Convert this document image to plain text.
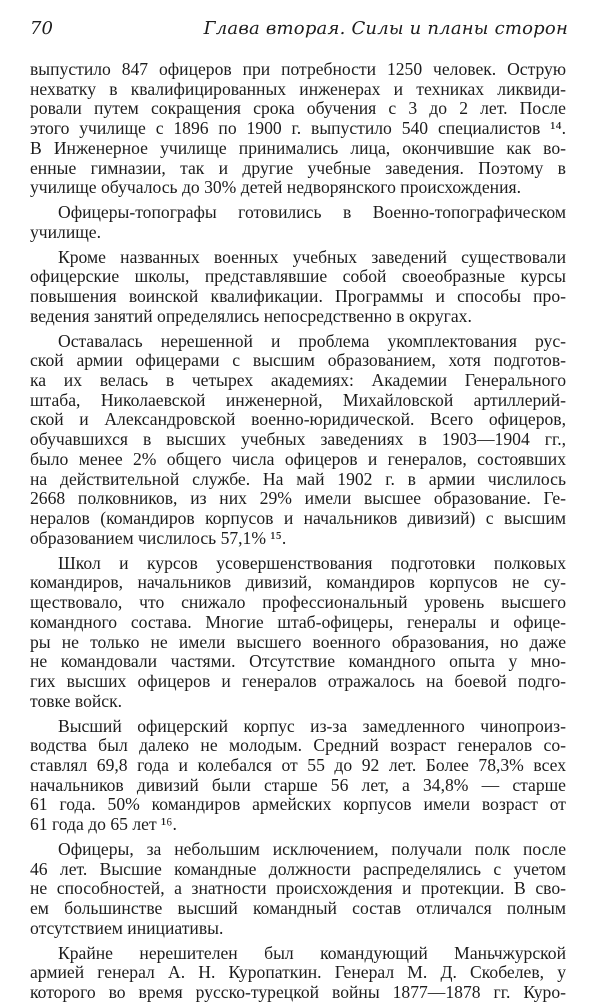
70	Глава вторая. Силы и планы сторон
выпустило 847 офицеров при потребности 1250 человек. Острую
нехватку в квалифицированных инженерах и техниках ликвиди-
ровали путем сокращения срока обучения с 3 до 2 лет. После
этого училище с 1896 по 1900 г. выпустило 540 специалистов ¹⁴.
В Инженерное училище принимались лица, окончившие как во-
енные гимназии, так и другие учебные заведения. Поэтому в
училище обучалось до 30% детей недворянского происхождения.
Офицеры-топографы готовились в Военно-топографическом
училище.
Кроме названных военных учебных заведений существовали
офицерские школы, представлявшие собой своеобразные курсы
повышения воинской квалификации. Программы и способы про-
ведения занятий определялись непосредственно в округах.
Оставалась нерешенной и проблема укомплектования рус-
ской армии офицерами с высшим образованием, хотя подготов-
ка их велась в четырех академиях: Академии Генерального
штаба, Николаевской инженерной, Михайловской артиллерий-
ской и Александровской военно-юридической. Всего офицеров,
обучавшихся в высших учебных заведениях в 1903—1904 гг.,
было менее 2% общего числа офицеров и генералов, состоявших
на действительной службе. На май 1902 г. в армии числилось
2668 полковников, из них 29% имели высшее образование. Ге-
нералов (командиров корпусов и начальников дивизий) с высшим
образованием числилось 57,1% ¹⁵.
Школ и курсов усовершенствования подготовки полковых
командиров, начальников дивизий, командиров корпусов не су-
ществовало, что снижало профессиональный уровень высшего
командного состава. Многие штаб-офицеры, генералы и офице-
ры не только не имели высшего военного образования, но даже
не командовали частями. Отсутствие командного опыта у мно-
гих высших офицеров и генералов отражалось на боевой подго-
товке войск.
Высший офицерский корпус из-за замедленного чинопроиз-
водства был далеко не молодым. Средний возраст генералов со-
ставлял 69,8 года и колебался от 55 до 92 лет. Более 78,3% всех
начальников дивизий были старше 56 лет, а 34,8% — старше
61 года. 50% командиров армейских корпусов имели возраст от
61 года до 65 лет ¹⁶.
Офицеры, за небольшим исключением, получали полк после
46 лет. Высшие командные должности распределялись с учетом
не способностей, а знатности происхождения и протекции. В сво-
ем большинстве высший командный состав отличался полным
отсутствием инициативы.
Крайне нерешителен был командующий Маньчжурской
армией генерал А. Н. Куропаткин. Генерал М. Д. Скобелев, у
которого во время русско-турецкой войны 1877—1878 гг. Куро-
